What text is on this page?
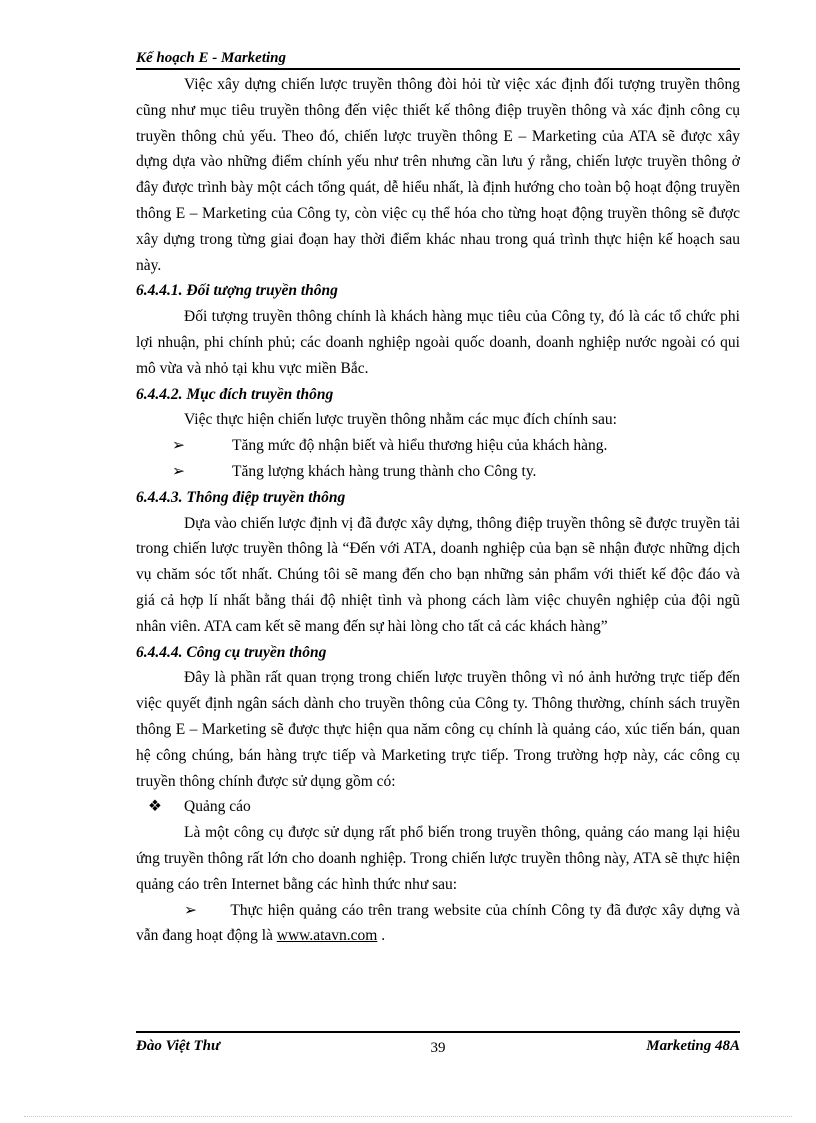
Kế hoạch E - Marketing

Việc xây dựng chiến lược truyền thông đòi hỏi từ việc xác định đối tượng truyền thông cũng như mục tiêu truyền thông đến việc thiết kế thông điệp truyền thông và xác định công cụ truyền thông chủ yếu. Theo đó, chiến lược truyền thông E – Marketing của ATA sẽ được xây dựng dựa vào những điểm chính yếu như trên nhưng cần lưu ý rằng, chiến lược truyền thông ở đây được trình bày một cách tổng quát, dễ hiểu nhất, là định hướng cho toàn bộ hoạt động truyền thông E – Marketing của Công ty, còn việc cụ thể hóa cho từng hoạt động truyền thông sẽ được xây dựng trong từng giai đoạn hay thời điểm khác nhau trong quá trình thực hiện kế hoạch sau này.

6.4.4.1. Đối tượng truyền thông

Đối tượng truyền thông chính là khách hàng mục tiêu của Công ty, đó là các tổ chức phi lợi nhuận, phi chính phủ; các doanh nghiệp ngoài quốc doanh, doanh nghiệp nước ngoài có qui mô vừa và nhỏ tại khu vực miền Bắc.

6.4.4.2. Mục đích truyền thông

Việc thực hiện chiến lược truyền thông nhằm các mục đích chính sau:

➢	Tăng mức độ nhận biết và hiểu thương hiệu của khách hàng.

➢	Tăng lượng khách hàng trung thành cho Công ty.

6.4.4.3. Thông điệp truyền thông

Dựa vào chiến lược định vị đã được xây dựng, thông điệp truyền thông sẽ được truyền tải trong chiến lược truyền thông là “Đến với ATA, doanh nghiệp của bạn sẽ nhận được những dịch vụ chăm sóc tốt nhất. Chúng tôi sẽ mang đến cho bạn những sản phẩm với thiết kế độc đáo và giá cả hợp lí nhất bằng thái độ nhiệt tình và phong cách làm việc chuyên nghiệp của đội ngũ nhân viên. ATA cam kết sẽ mang đến sự hài lòng cho tất cả các khách hàng”

6.4.4.4. Công cụ truyền thông

Đây là phần rất quan trọng trong chiến lược truyền thông vì nó ảnh hưởng trực tiếp đến việc quyết định ngân sách dành cho truyền thông của Công ty. Thông thường, chính sách truyền thông E – Marketing sẽ được thực hiện qua năm công cụ chính là quảng cáo, xúc tiến bán, quan hệ công chúng, bán hàng trực tiếp và Marketing trực tiếp. Trong trường hợp này, các công cụ truyền thông chính được sử dụng gồm có:

❖ Quảng cáo

Là một công cụ được sử dụng rất phổ biến trong truyền thông, quảng cáo mang lại hiệu ứng truyền thông rất lớn cho doanh nghiệp. Trong chiến lược truyền thông này, ATA sẽ thực hiện quảng cáo trên Internet bằng các hình thức như sau:

➢ Thực hiện quảng cáo trên trang website của chính Công ty đã được xây dựng và vẫn đang hoạt động là www.atavn.com .

Đào Việt Thư	39	Marketing 48A
